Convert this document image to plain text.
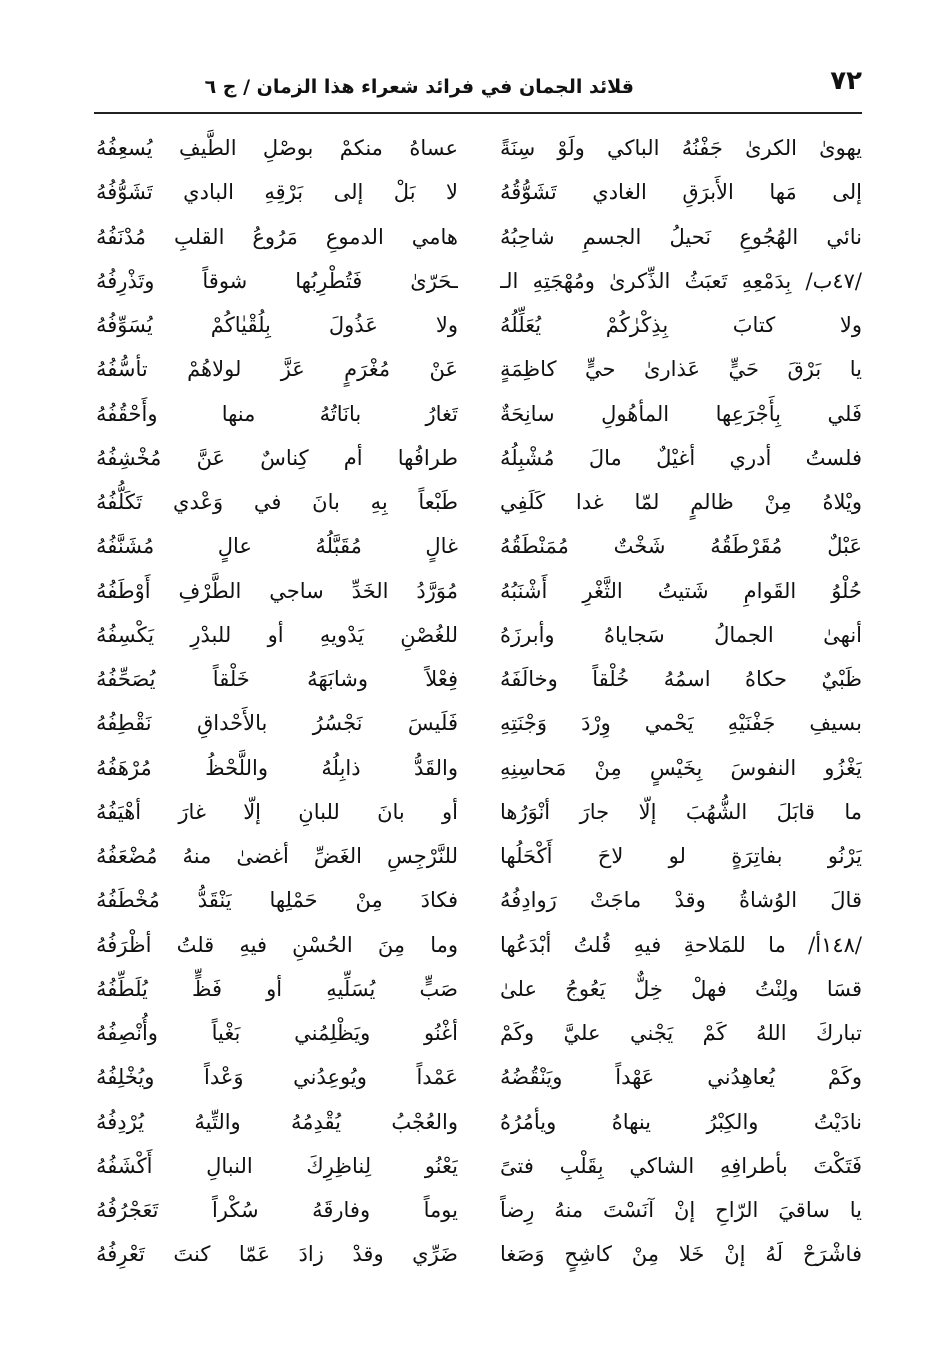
٧٢
قلائد الجمان في فرائد شعراء هذا الزمان / ج ٦
يهوىٰ الكرىٰ جَفْنُهُ الباكي ولَوْ سِنَةً
إلى مَها الأَبرَقِ الغادي تَشَوُّقُهُ
نائي الهُجُوعِ نَحيلُ الجسمِ شاحِبُهُ
/٤٧ب/ بِدَمْعِهِ تَعبَثُ الذِّكرىٰ ومُهْجَتِهِ الـ
ولا كتابَ بِذِكْرٰكُمْ يُعَلِّلُهُ
يا بَرْقَ حَيٍّ عَذارىٰ حيٍّ كاظِمَةٍ
فَلي بِأَجْرَعِها المأهُولِ سانِحَةٌ
فلستُ أدري أغيْلٌ مالَ مُشْبِلُهُ
ويْلاهُ مِنْ ظالمٍ لمّا غدا كَلَفِي
عَبْلٌ مُقَرْطَقُهُ شَخْتٌ مُمَنْطَقُهُ
حُلْوُ القَوامِ شَتيتُ الثَّغْرِ أَشْنَبُهُ
أنهىٰ الجمالُ سَجاياهُ وأبرزَهُ
ظَبْيٌ حكاهُ اسمُهُ خُلْقاً وخالَفَهُ
بسيفِ جَفْنَيْهِ يَحْمي وِرْدَ وَجْنَتِهِ
يَغْزُو النفوسَ بِخَيْسٍ مِنْ مَحاسِنِهِ
ما قابَلَ الشُّهُبَ إلّا جارَ أنْوَرُها
يَرْنُو بفاتِرَةٍ لو لاحَ أَكْحَلُها
قالَ الوُشاةُ وقدْ ماجَتْ رَوادِفُهُ
/١٤٨أ/ ما للمَلاحةِ فيهِ قُلتُ أبْدَعُها
قسَا ولِنْتُ فهلْ خِلٌّ يَعُوجُ علىٰ
تباركَ اللهُ كَمْ يَجْني عليَّ وكَمْ
وكَمْ يُعاهِدُني عَهْداً ويَنْقُضُهُ
نادَيْتُ والكِبْرُ ينهاهُ ويأمُرُهُ
فَتَكْتَ بأطرافِهِ الشاكي بِقَلْبِ فتىً
يا ساقيَ الرّاحِ إنْ آنَسْتَ منهُ رِضاً
فاشْرَحْ لَهُ إنْ خَلا مِنْ كاشِحٍ وَصَغا
عساهُ منكمْ بوصْلِ الطَّيفِ يُسعِفُهُ
لا بَلْ إلى بَرْقِهِ البادي تَشَوُّفُهُ
هامي الدموعِ مَرُوعُ القلبِ مُدْنَفُهُ
ـحَرّىٰ فَتُطْرِبُها شوقاً وتَذْرِفُهُ
ولا عَذُولَ بِلُقْيٰاكُمْ يُسَوِّفُهُ
عَنْ مُغْرَمٍ عَزَّ لولاهُمْ تأسُّفُهُ
تَغارُ بانَاتُهُ منها وأَحْقُفُهُ
طرافُها أم كِناسٌ عَنَّ مُخْشِفُهُ
طَبْعاً بِهِ بانَ في وَعْدي تَكَلُّفُهُ
غالٍ مُقَبَّلُهُ عالٍ مُشَنَّفُهُ
مُوَرَّدُ الخَدِّ ساجي الطَّرْفِ أَوْطَفُهُ
للغُصْنِ يَدْويهِ أو للبدْرِ يَكْسِفُهُ
فِعْلاً وشابَهَهُ خَلْقاً يُصَحِّفُهُ
فَلَيسَ نَجْسُرُ بالأَحْداقِ نَقْطِفُهُ
والقَدُّ ذابِلُهُ واللَّحْظُ مُرْهَفُهُ
أو بانَ للبانِ إلّا غارَ أهْيَفُهُ
للنَّرْجِسِ الغَضِّ أغضىٰ منهُ مُضْعَفُهُ
فكادَ مِنْ حَمْلِها يَنْقَدُّ مُخْطَفُهُ
وما مِنَ الحُسْنِ فيهِ قلتُ أظْرَفُهُ
صَبٍّ يُسَلِّيهِ أو فَظٍّ يُلَطِّفُهُ
أغْنُو ويَظْلِمُني بَغْياً وأُنْصِفُهُ
عَمْداً ويُوعِدُني وَعْداً ويُخْلِفُهُ
والعُجْبُ يُقْدِمُهُ والتِّيهُ يُرْدِفُهُ
يَعْنُو لِناظِرِكَ النبالِ أَكْشَفُهُ
يوماً وفارقَهُ سُكْراً تَعَجْرُفُهُ
ضَرِّي وقدْ زادَ عَمّا كنتَ تَعْرِفُهُ
